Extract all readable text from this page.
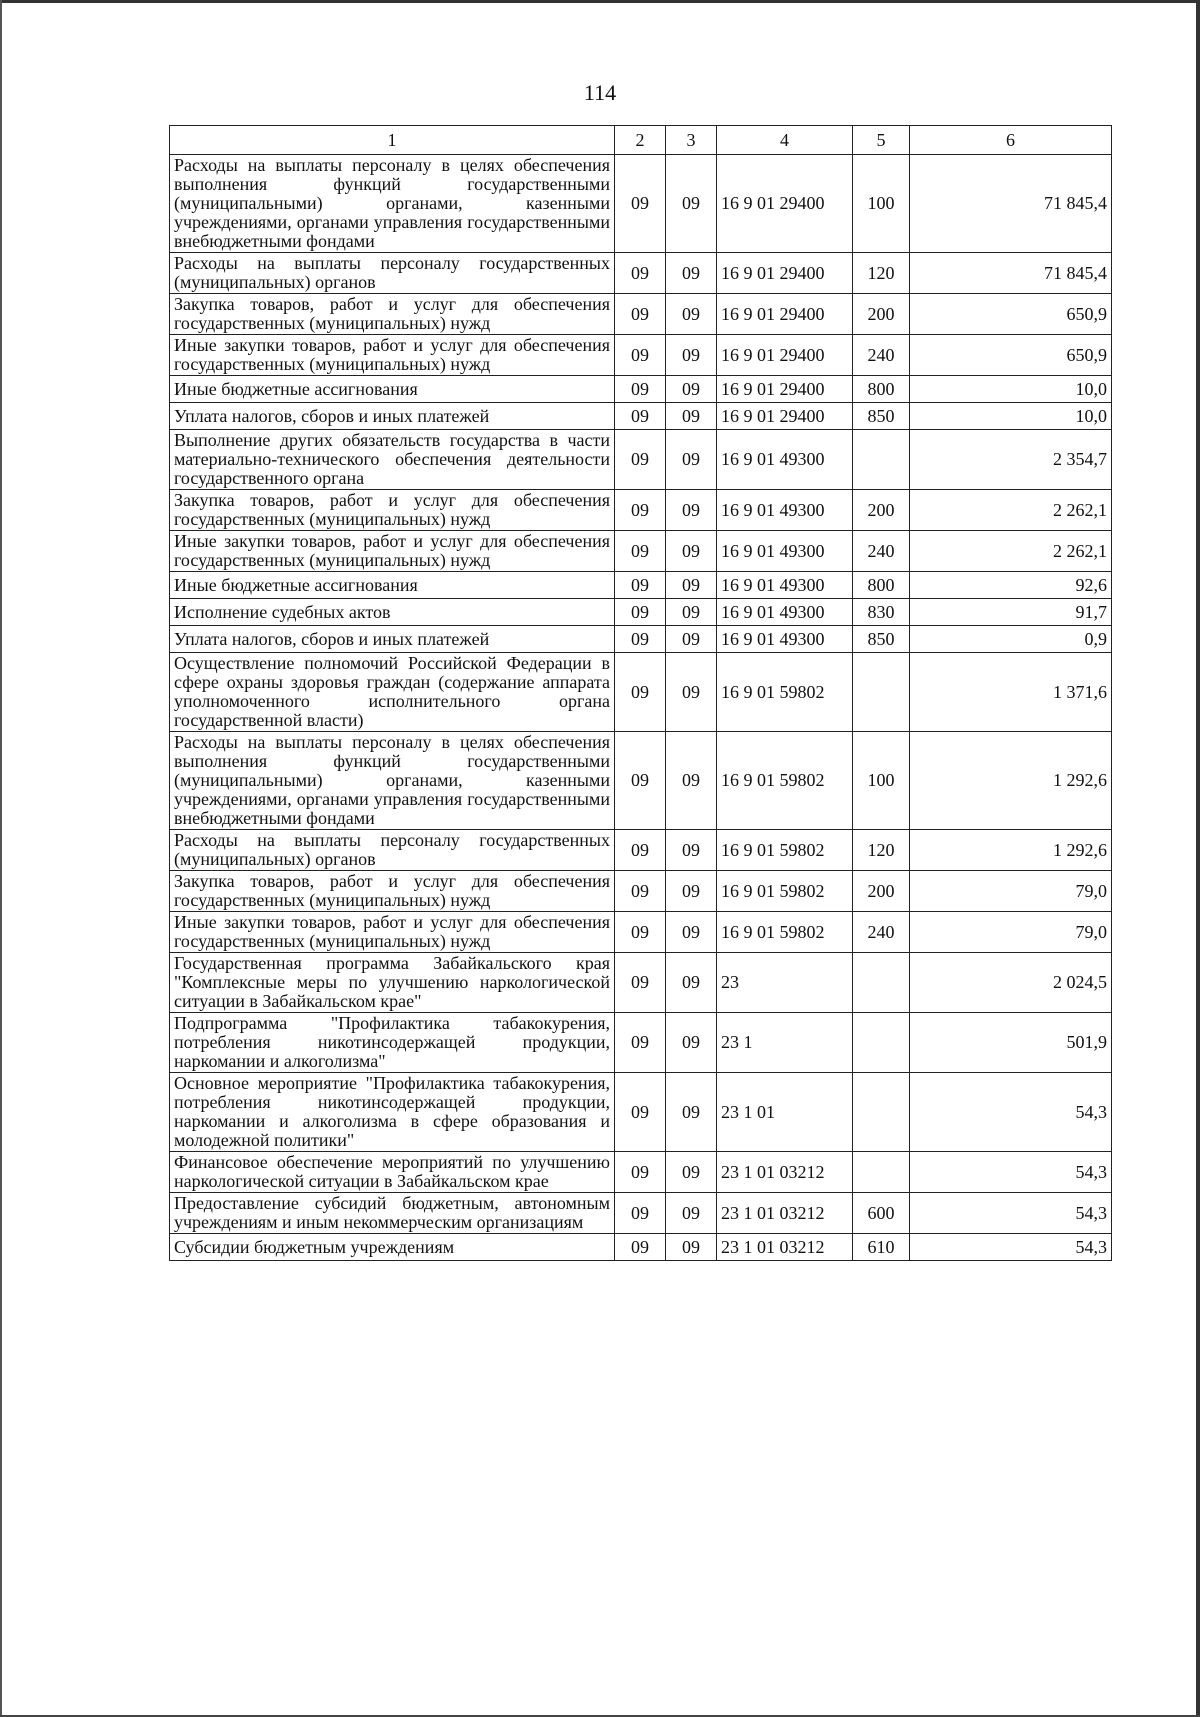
114
1	2	3	4	5	6
Расходы на выплаты персоналу в целях обеспечения выполнения функций государственными (муниципальными) органами, казенными учреждениями, органами управления государственными внебюджетными фондами	09	09	16 9 01 29400	100	71 845,4
Расходы на выплаты персоналу государственных (муниципальных) органов	09	09	16 9 01 29400	120	71 845,4
Закупка товаров, работ и услуг для обеспечения государственных (муниципальных) нужд	09	09	16 9 01 29400	200	650,9
Иные закупки товаров, работ и услуг для обеспечения государственных (муниципальных) нужд	09	09	16 9 01 29400	240	650,9
Иные бюджетные ассигнования	09	09	16 9 01 29400	800	10,0
Уплата налогов, сборов и иных платежей	09	09	16 9 01 29400	850	10,0
Выполнение других обязательств государства в части материально-технического обеспечения деятельности государственного органа	09	09	16 9 01 49300		2 354,7
Закупка товаров, работ и услуг для обеспечения государственных (муниципальных) нужд	09	09	16 9 01 49300	200	2 262,1
Иные закупки товаров, работ и услуг для обеспечения государственных (муниципальных) нужд	09	09	16 9 01 49300	240	2 262,1
Иные бюджетные ассигнования	09	09	16 9 01 49300	800	92,6
Исполнение судебных актов	09	09	16 9 01 49300	830	91,7
Уплата налогов, сборов и иных платежей	09	09	16 9 01 49300	850	0,9
Осуществление полномочий Российской Федерации в сфере охраны здоровья граждан (содержание аппарата уполномоченного исполнительного органа государственной власти)	09	09	16 9 01 59802		1 371,6
Расходы на выплаты персоналу в целях обеспечения выполнения функций государственными (муниципальными) органами, казенными учреждениями, органами управления государственными внебюджетными фондами	09	09	16 9 01 59802	100	1 292,6
Расходы на выплаты персоналу государственных (муниципальных) органов	09	09	16 9 01 59802	120	1 292,6
Закупка товаров, работ и услуг для обеспечения государственных (муниципальных) нужд	09	09	16 9 01 59802	200	79,0
Иные закупки товаров, работ и услуг для обеспечения государственных (муниципальных) нужд	09	09	16 9 01 59802	240	79,0
Государственная программа Забайкальского края "Комплексные меры по улучшению наркологической ситуации в Забайкальском крае"	09	09	23		2 024,5
Подпрограмма "Профилактика табакокурения, потребления никотинсодержащей продукции, наркомании и алкоголизма"	09	09	23 1		501,9
Основное мероприятие "Профилактика табакокурения, потребления никотинсодержащей продукции, наркомании и алкоголизма в сфере образования и молодежной политики"	09	09	23 1 01		54,3
Финансовое обеспечение мероприятий по улучшению наркологической ситуации в Забайкальском крае	09	09	23 1 01 03212		54,3
Предоставление субсидий бюджетным, автономным учреждениям и иным некоммерческим организациям	09	09	23 1 01 03212	600	54,3
Субсидии бюджетным учреждениям	09	09	23 1 01 03212	610	54,3
